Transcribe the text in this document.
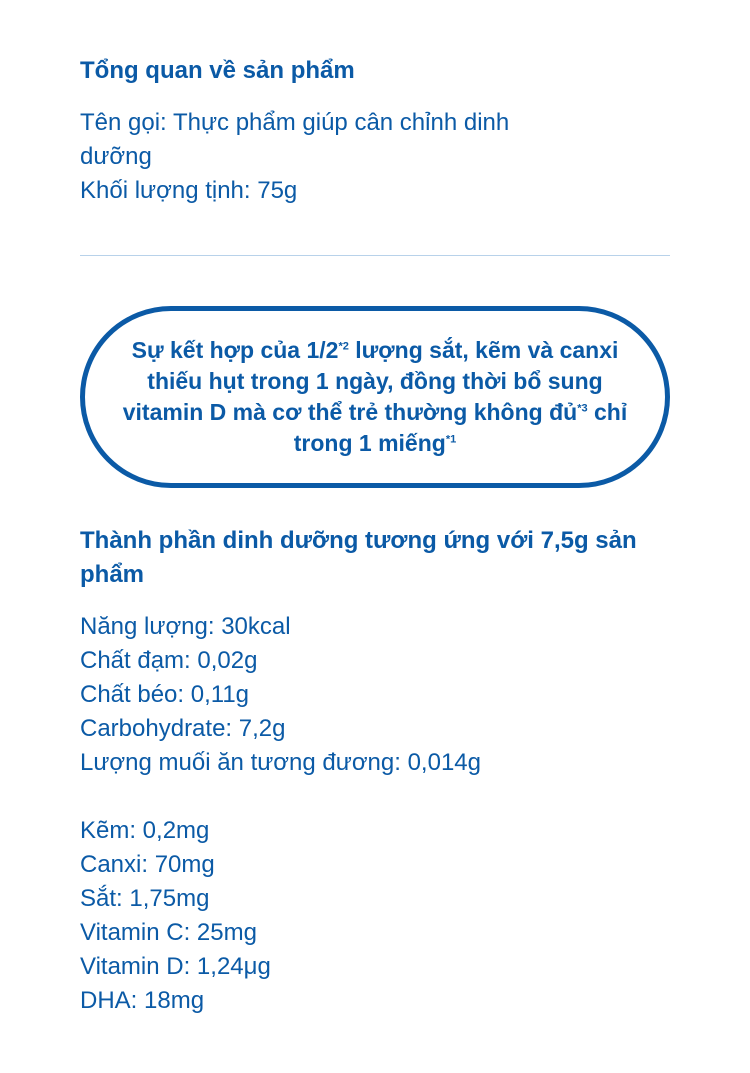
Tổng quan về sản phẩm
Tên gọi: Thực phẩm giúp cân chỉnh dinh
dưỡng
Khối lượng tịnh: 75g

Sự kết hợp của 1/2$^{*2}$ lượng sắt, kẽm và canxi thiếu hụt trong 1 ngày, đồng thời bổ sung vitamin D mà cơ thể trẻ thường không đủ$^{*3}$ chỉ trong 1 miếng$^{*1}$

Thành phần dinh dưỡng tương ứng với 7,5g sản phẩm
Năng lượng: 30kcal
Chất đạm: 0,02g
Chất béo: 0,11g
Carbohydrate: 7,2g
Lượng muối ăn tương đương: 0,014g
Kẽm: 0,2mg
Canxi: 70mg
Sắt: 1,75mg
Vitamin C: 25mg
Vitamin D: 1,24μg
DHA: 18mg
